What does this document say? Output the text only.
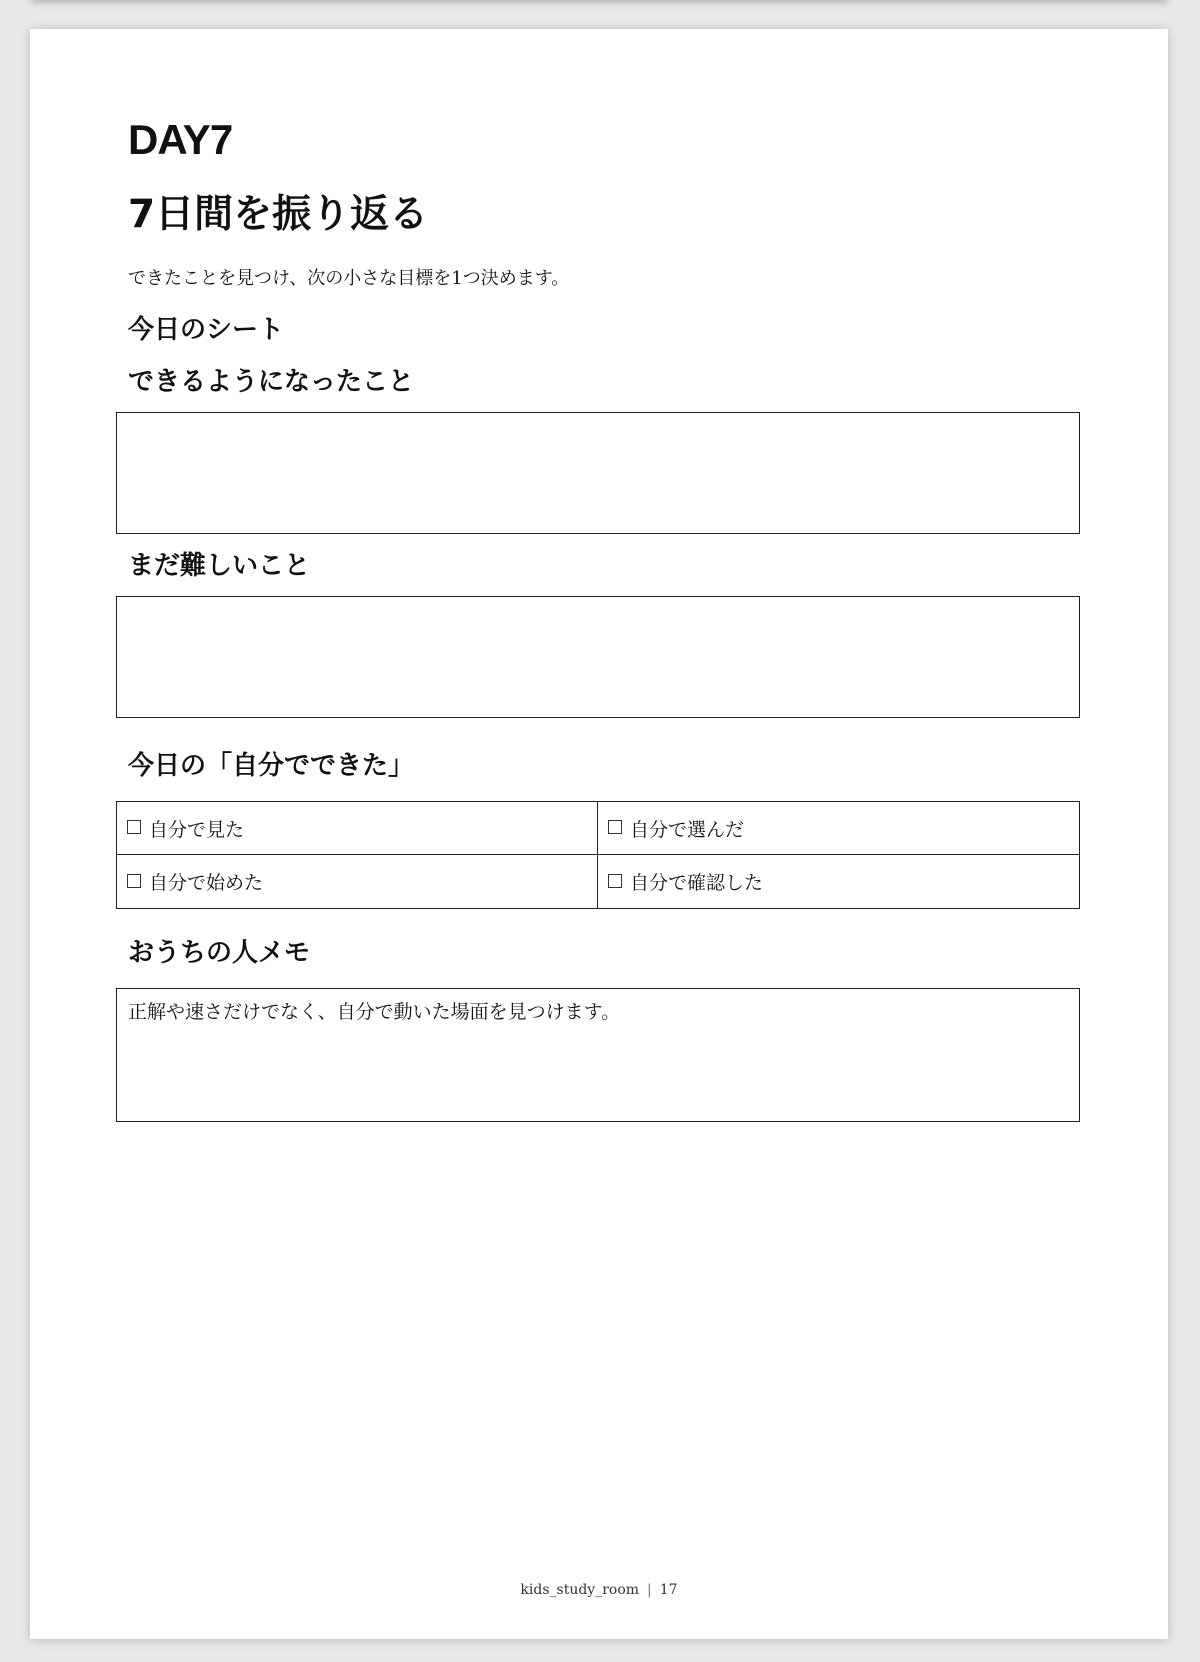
DAY7
7日間を振り返る
できたことを見つけ、次の小さな目標を1つ決めます。
今日のシート
できるようになったこと
まだ難しいこと
今日の「自分でできた」
自分で見た	自分で選んだ
自分で始めた	自分で確認した
おうちの人メモ
正解や速さだけでなく、自分で動いた場面を見つけます。
kids_study_room | 17
